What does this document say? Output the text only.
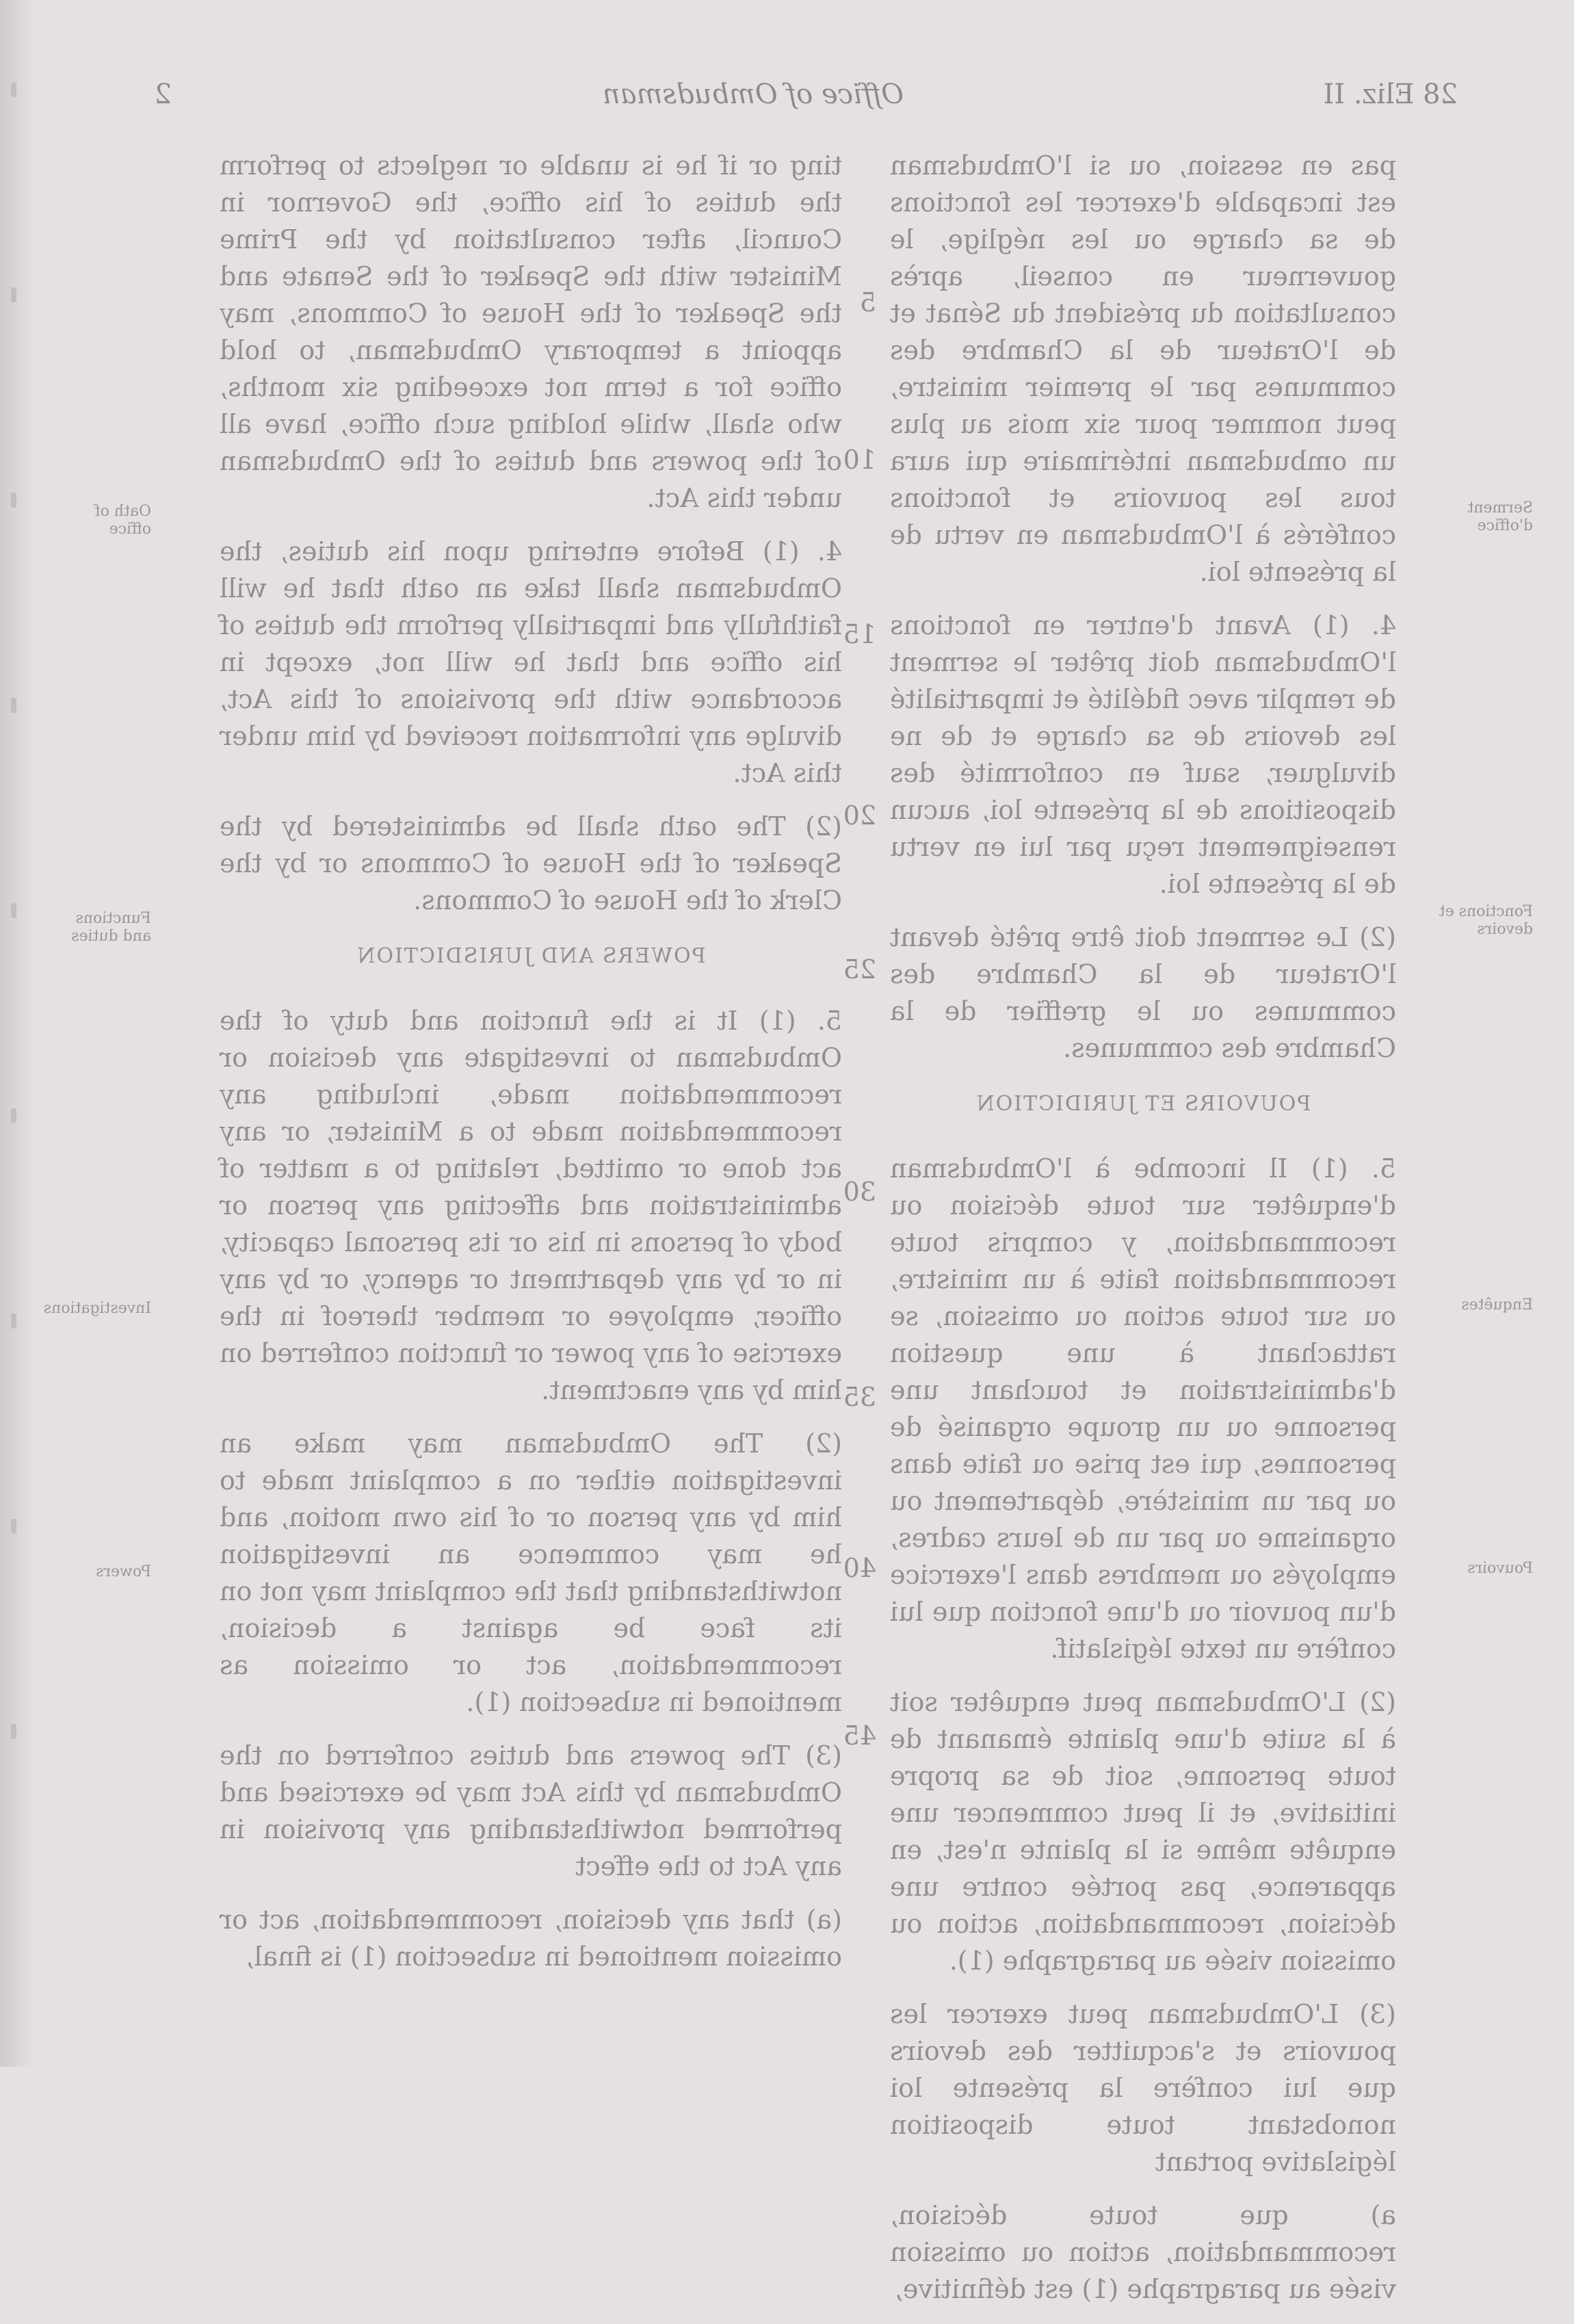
2	Office of Ombudsman	28 Eliz. II

ting or if he is unable or neglects to perform the duties of his office, the Governor in Council, after consultation by the Prime Minister with the Speaker of the Senate and the Speaker of the House of Commons, may appoint a temporary Ombudsman, to hold office for a term not exceeding six months, who shall, while holding such office, have all of the powers and duties of the Ombudsman under this Act.

4. (1) Before entering upon his duties, the Ombudsman shall take an oath that he will faithfully and impartially perform the duties of his office and that he will not, except in accordance with the provisions of this Act, divulge any information received by him under this Act.

(2) The oath shall be administered by the Speaker of the House of Commons or by the Clerk of the House of Commons.

POWERS AND JURISDICTION

5. (1) It is the function and duty of the Ombudsman to investigate any decision or recommendation made, including any recommendation made to a Minister, or any act done or omitted, relating to a matter of administration and affecting any person or body of persons in his or its personal capacity, in or by any department or agency, or by any officer, employee or member thereof in the exercise of any power or function conferred on him by any enactment.

(2) The Ombudsman may make an investigation either on a complaint made to him by any person or of his own motion, and he may commence an investigation notwithstanding that the complaint may not on its face be against a decision, recommendation, act or omission as mentioned in subsection (1).

(3) The powers and duties conferred on the Ombudsman by this Act may be exercised and performed notwithstanding any provision in any Act to the effect

(a) that any decision, recommendation, act or omission mentioned in subsection (1) is final,

pas en session, ou si l'Ombudsman est incapable d'exercer les fonctions de sa charge ou les néglige, le gouverneur en conseil, après consultation du président du Sénat et de l'Orateur de la Chambre des communes par le premier ministre, peut nommer pour six mois au plus un ombudsman intérimaire qui aura tous les pouvoirs et fonctions conférés à l'Ombudsman en vertu de la présente loi.

4. (1) Avant d'entrer en fonctions l'Ombudsman doit prêter le serment de remplir avec fidélité et impartialité les devoirs de sa charge et de ne divulguer, sauf en conformité des dispositions de la présente loi, aucun renseignement reçu par lui en vertu de la présente loi.

(2) Le serment doit être prêté devant l'Orateur de la Chambre des communes ou le greffier de la Chambre des communes.

POUVOIRS ET JURIDICTION

5. (1) Il incombe à l'Ombudsman d'enquêter sur toute décision ou recommandation, y compris toute recommandation faite à un ministre, ou sur toute action ou omission, se rattachant à une question d'administration et touchant une personne ou un groupe organisé de personnes, qui est prise ou faite dans ou par un ministère, département ou organisme ou par un de leurs cadres, employés ou membres dans l'exercice d'un pouvoir ou d'une fonction que lui confère un texte législatif.

(2) L'Ombudsman peut enquêter soit à la suite d'une plainte émanant de toute personne, soit de sa propre initiative, et il peut commencer une enquête même si la plainte n'est, en apparence, pas portée contre une décision, recommandation, action ou omission visée au paragraphe (1).

(3) L'Ombudsman peut exercer les pouvoirs et s'acquitter des devoirs que lui confère la présente loi nonobstant toute disposition législative portant

a) que toute décision, recommandation, action ou omission visée au paragraphe (1) est définitive,

Oath of office
Functions and duties
Investigations
Powers
Serment d'office
Fonctions et devoirs
Enquêtes
Pouvoirs
5
10
15
20
25
30
35
40
45
